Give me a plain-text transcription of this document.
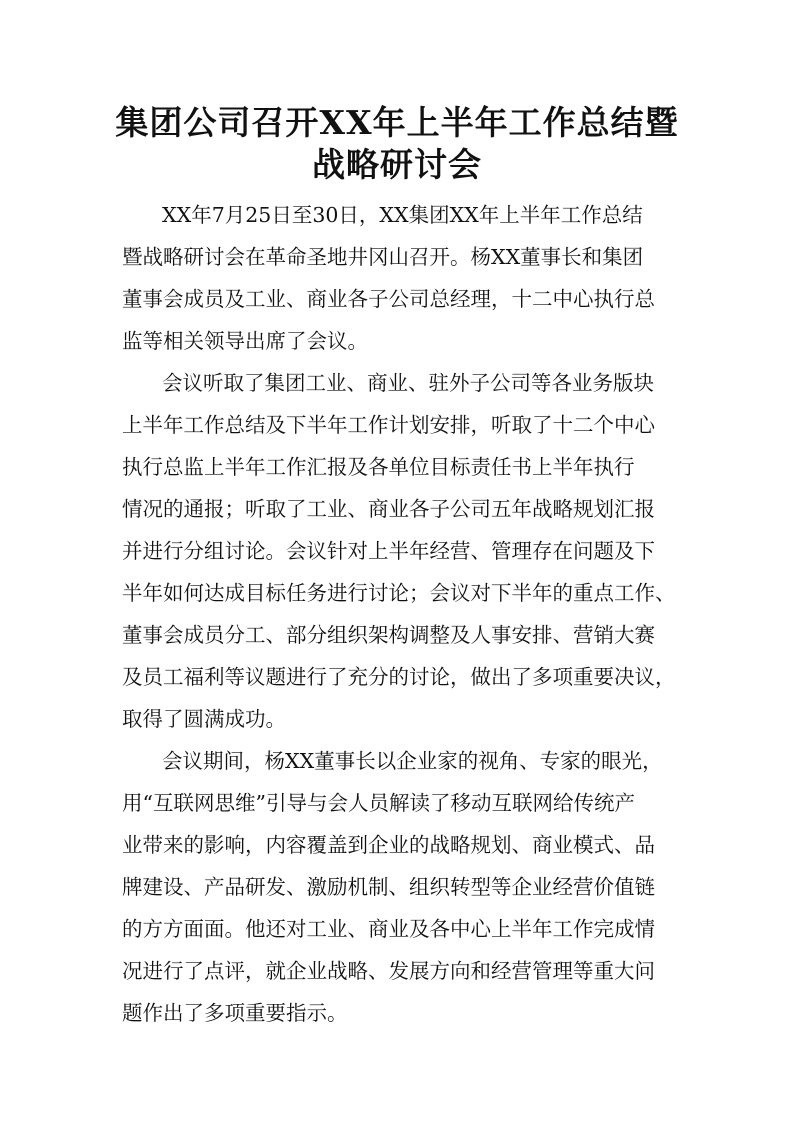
集团公司召开XX年上半年工作总结暨
战略研讨会
XX年7月25日至30日，XX集团XX年上半年工作总结
暨战略研讨会在革命圣地井冈山召开。杨XX董事长和集团
董事会成员及工业、商业各子公司总经理，十二中心执行总
监等相关领导出席了会议。
会议听取了集团工业、商业、驻外子公司等各业务版块
上半年工作总结及下半年工作计划安排，听取了十二个中心
执行总监上半年工作汇报及各单位目标责任书上半年执行
情况的通报；听取了工业、商业各子公司五年战略规划汇报
并进行分组讨论。会议针对上半年经营、管理存在问题及下
半年如何达成目标任务进行讨论；会议对下半年的重点工作、
董事会成员分工、部分组织架构调整及人事安排、营销大赛
及员工福利等议题进行了充分的讨论，做出了多项重要决议，
取得了圆满成功。
会议期间，杨XX董事长以企业家的视角、专家的眼光，
用“互联网思维”引导与会人员解读了移动互联网给传统产
业带来的影响，内容覆盖到企业的战略规划、商业模式、品
牌建设、产品研发、激励机制、组织转型等企业经营价值链
的方方面面。他还对工业、商业及各中心上半年工作完成情
况进行了点评，就企业战略、发展方向和经营管理等重大问
题作出了多项重要指示。
